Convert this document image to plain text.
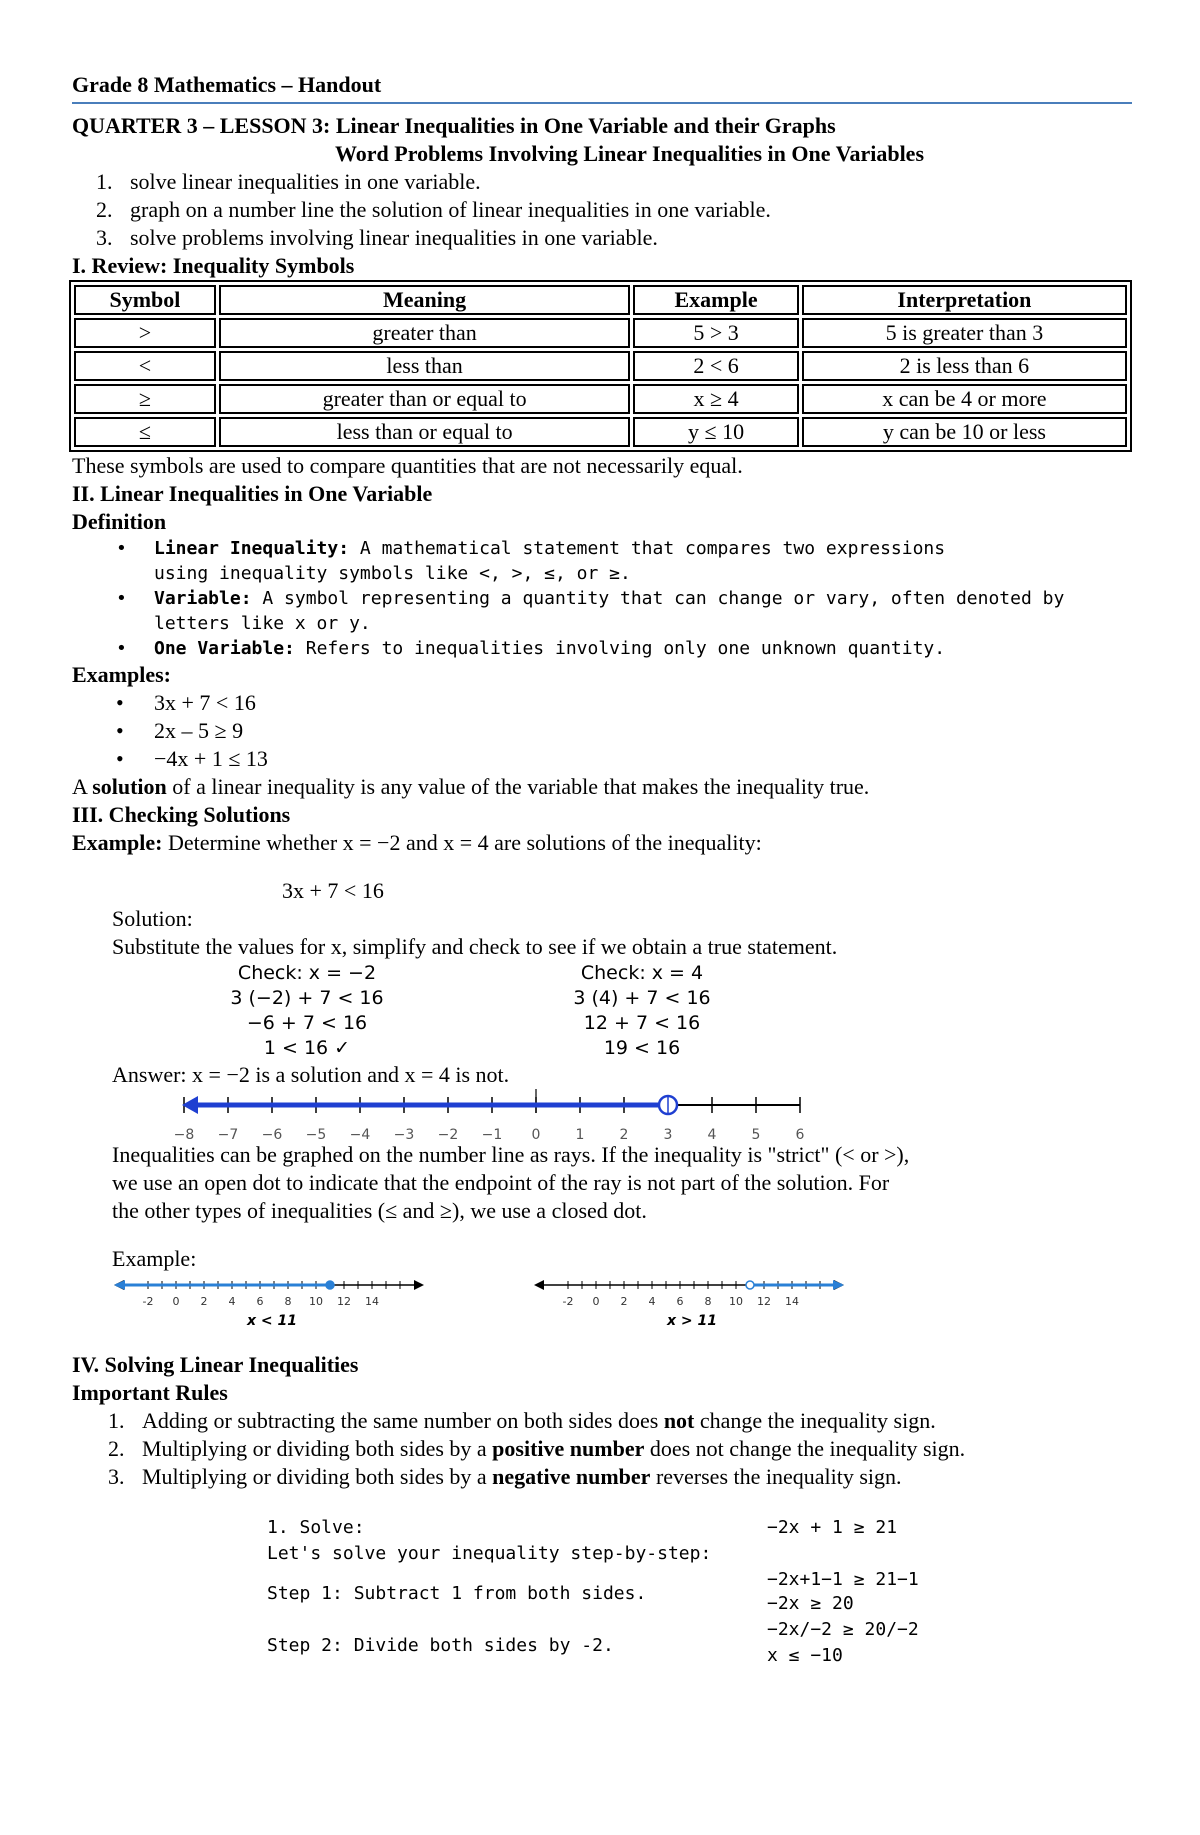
Grade 8 Mathematics – Handout
QUARTER 3 – LESSON 3: Linear Inequalities in One Variable and their Graphs
Word Problems Involving Linear Inequalities in One Variables
1. solve linear inequalities in one variable.
2. graph on a number line the solution of linear inequalities in one variable.
3. solve problems involving linear inequalities in one variable.
I. Review: Inequality Symbols
Symbol	Meaning	Example	Interpretation
>	greater than	5 > 3	5 is greater than 3
<	less than	2 < 6	2 is less than 6
≥	greater than or equal to	x ≥ 4	x can be 4 or more
≤	less than or equal to	y ≤ 10	y can be 10 or less
These symbols are used to compare quantities that are not necessarily equal.
II. Linear Inequalities in One Variable
Definition
• Linear Inequality: A mathematical statement that compares two expressions
using inequality symbols like <, >, ≤, or ≥.
• Variable: A symbol representing a quantity that can change or vary, often denoted by
letters like x or y.
• One Variable: Refers to inequalities involving only one unknown quantity.
Examples:
• 3x + 7 < 16
• 2x – 5 ≥ 9
• −4x + 1 ≤ 13
A solution of a linear inequality is any value of the variable that makes the inequality true.
III. Checking Solutions
Example: Determine whether x = −2 and x = 4 are solutions of the inequality:
3x + 7 < 16
Solution:
Substitute the values for x, simplify and check to see if we obtain a true statement.
Check: x = −2
3 (−2) + 7 < 16
−6 + 7 < 16
1 < 16 ✓
Check: x = 4
3 (4) + 7 < 16
12 + 7 < 16
19 < 16
Answer: x = −2 is a solution and x = 4 is not.
−8 −7 −6 −5 −4 −3 −2 −1 0	1	2	3	4	5	6
Inequalities can be graphed on the number line as rays. If the inequality is "strict" (< or >),
we use an open dot to indicate that the endpoint of the ray is not part of the solution. For
the other types of inequalities (≤ and ≥), we use a closed dot.
Example:
-2 0 2 4 6 8 10 12 14
x < 11
-2 0 2 4 6 8 10 12 14
x > 11
IV. Solving Linear Inequalities
Important Rules
1. Adding or subtracting the same number on both sides does not change the inequality sign.
2. Multiplying or dividing both sides by a positive number does not change the inequality sign.
3. Multiplying or dividing both sides by a negative number reverses the inequality sign.
1. Solve:	−2x + 1 ≥ 21
Let's solve your inequality step-by-step:
Step 1: Subtract 1 from both sides.
−2x+1−1 ≥ 21−1
−2x ≥ 20
Step 2: Divide both sides by -2.
−2x/−2 ≥ 20/−2
x ≤ −10
